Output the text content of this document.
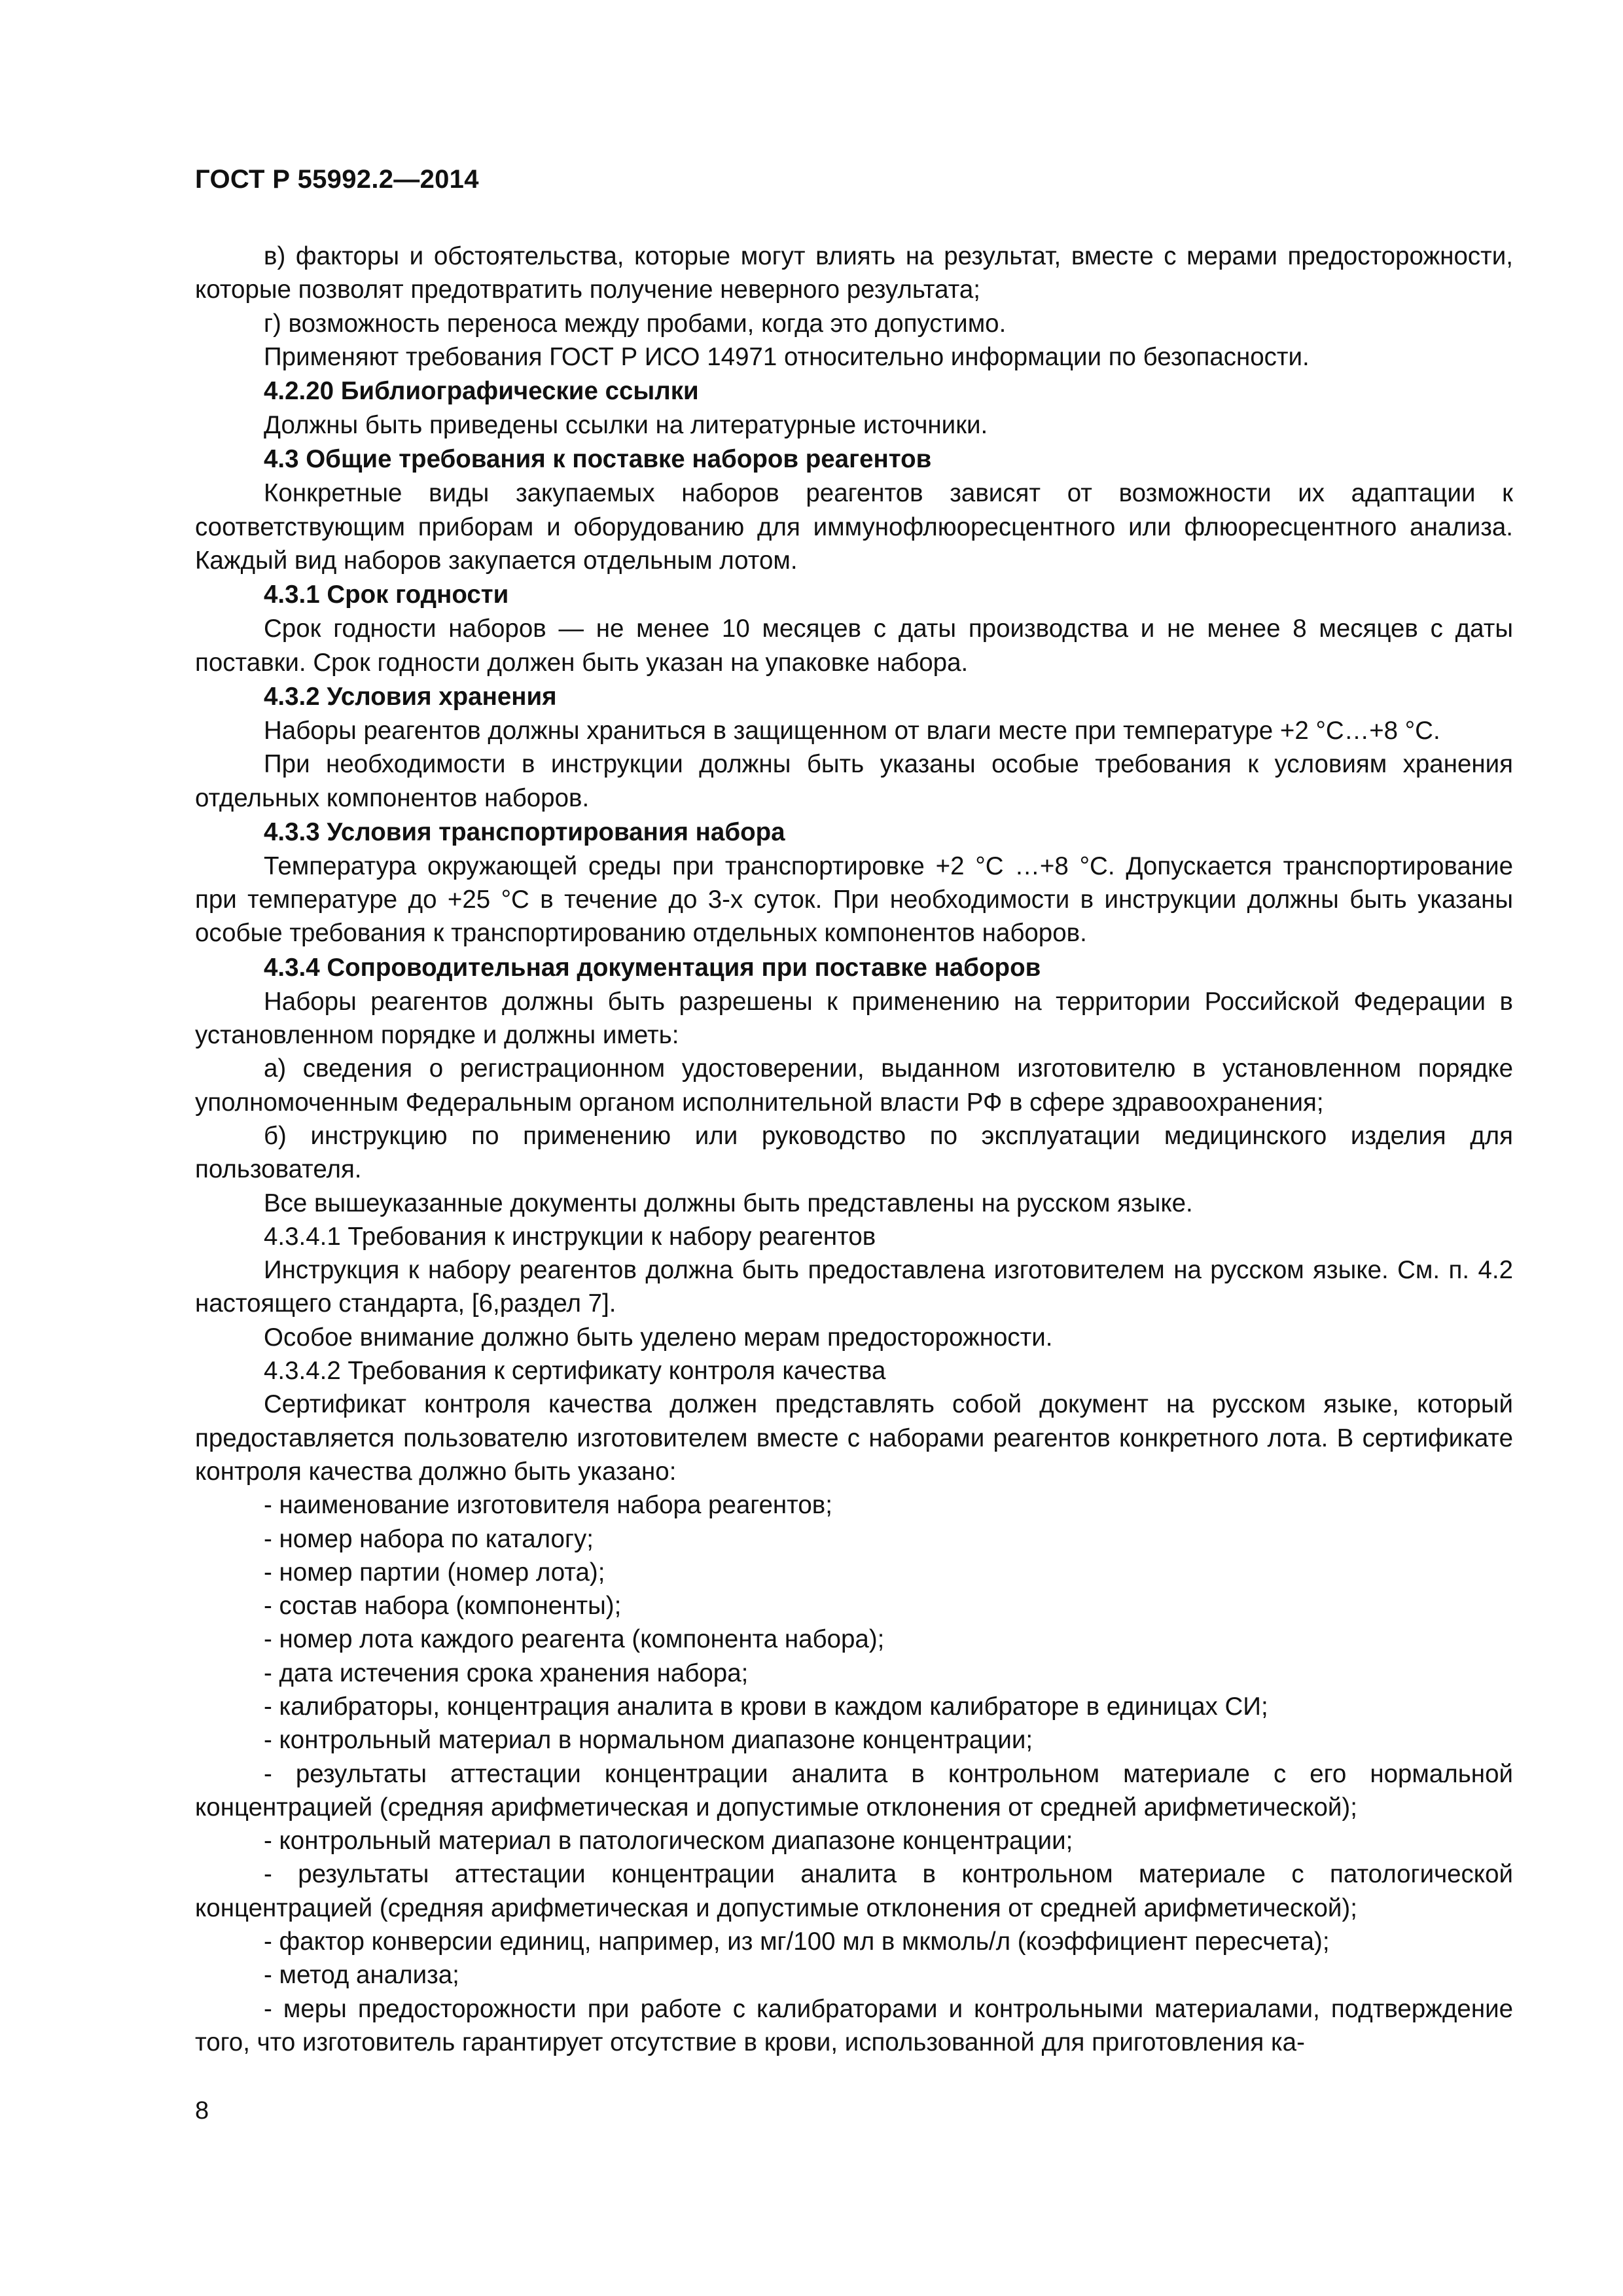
ГОСТ Р 55992.2—2014

в) факторы и обстоятельства, которые могут влиять на результат, вместе с мерами предосторожности, которые позволят предотвратить получение неверного результата;

г) возможность переноса между пробами, когда это допустимо.

Применяют требования ГОСТ Р ИСО 14971 относительно информации по безопасности.

4.2.20 Библиографические ссылки

Должны быть приведены ссылки на литературные источники.

4.3 Общие требования к поставке наборов реагентов

Конкретные виды закупаемых наборов реагентов зависят от возможности их адаптации к соответствующим приборам и оборудованию для иммунофлюоресцентного или флюоресцентного анализа. Каждый вид наборов закупается отдельным лотом.

4.3.1 Срок годности

Срок годности наборов — не менее 10 месяцев с даты производства и не менее 8 месяцев с даты поставки. Срок годности должен быть указан на упаковке набора.

4.3.2 Условия хранения

Наборы реагентов должны храниться в защищенном от влаги месте при температуре +2 °С…+8 °С.

При необходимости в инструкции должны быть указаны особые требования к условиям хранения отдельных компонентов наборов.

4.3.3 Условия транспортирования набора

Температура окружающей среды при транспортировке +2 °С …+8 °С. Допускается транспортирование при температуре до +25 °С в течение до 3-х суток. При необходимости в инструкции должны быть указаны особые требования к транспортированию отдельных компонентов наборов.

4.3.4 Сопроводительная документация при поставке наборов

Наборы реагентов должны быть разрешены к применению на территории Российской Федерации в установленном порядке и должны иметь:

а) сведения о регистрационном удостоверении, выданном изготовителю в установленном порядке уполномоченным Федеральным органом исполнительной власти РФ в сфере здравоохранения;

б) инструкцию по применению или руководство по эксплуатации медицинского изделия для пользователя.

Все вышеуказанные документы должны быть представлены на русском языке.

4.3.4.1 Требования к инструкции к набору реагентов

Инструкция к набору реагентов должна быть предоставлена изготовителем на русском языке. См. п. 4.2 настоящего стандарта, [6,раздел 7].

Особое внимание должно быть уделено мерам предосторожности.

4.3.4.2 Требования к сертификату контроля качества

Сертификат контроля качества должен представлять собой документ на русском языке, который предоставляется пользователю изготовителем вместе с наборами реагентов конкретного лота. В сертификате контроля качества должно быть указано:

- наименование изготовителя набора реагентов;

- номер набора по каталогу;

- номер партии (номер лота);

- состав набора (компоненты);

- номер лота каждого реагента (компонента набора);

- дата истечения срока хранения набора;

- калибраторы, концентрация аналита в крови в каждом калибраторе в единицах СИ;

- контрольный материал в нормальном диапазоне концентрации;

- результаты аттестации концентрации аналита в контрольном материале с его нормальной концентрацией (средняя арифметическая и допустимые отклонения от средней арифметической);

- контрольный материал в патологическом диапазоне концентрации;

- результаты аттестации концентрации аналита в контрольном материале с патологической концентрацией (средняя арифметическая и допустимые отклонения от средней арифметической);

- фактор конверсии единиц, например, из мг/100 мл в мкмоль/л (коэффициент пересчета);

- метод анализа;

- меры предосторожности при работе с калибраторами и контрольными материалами, подтверждение того, что изготовитель гарантирует отсутствие в крови, использованной для приготовления ка-

8
